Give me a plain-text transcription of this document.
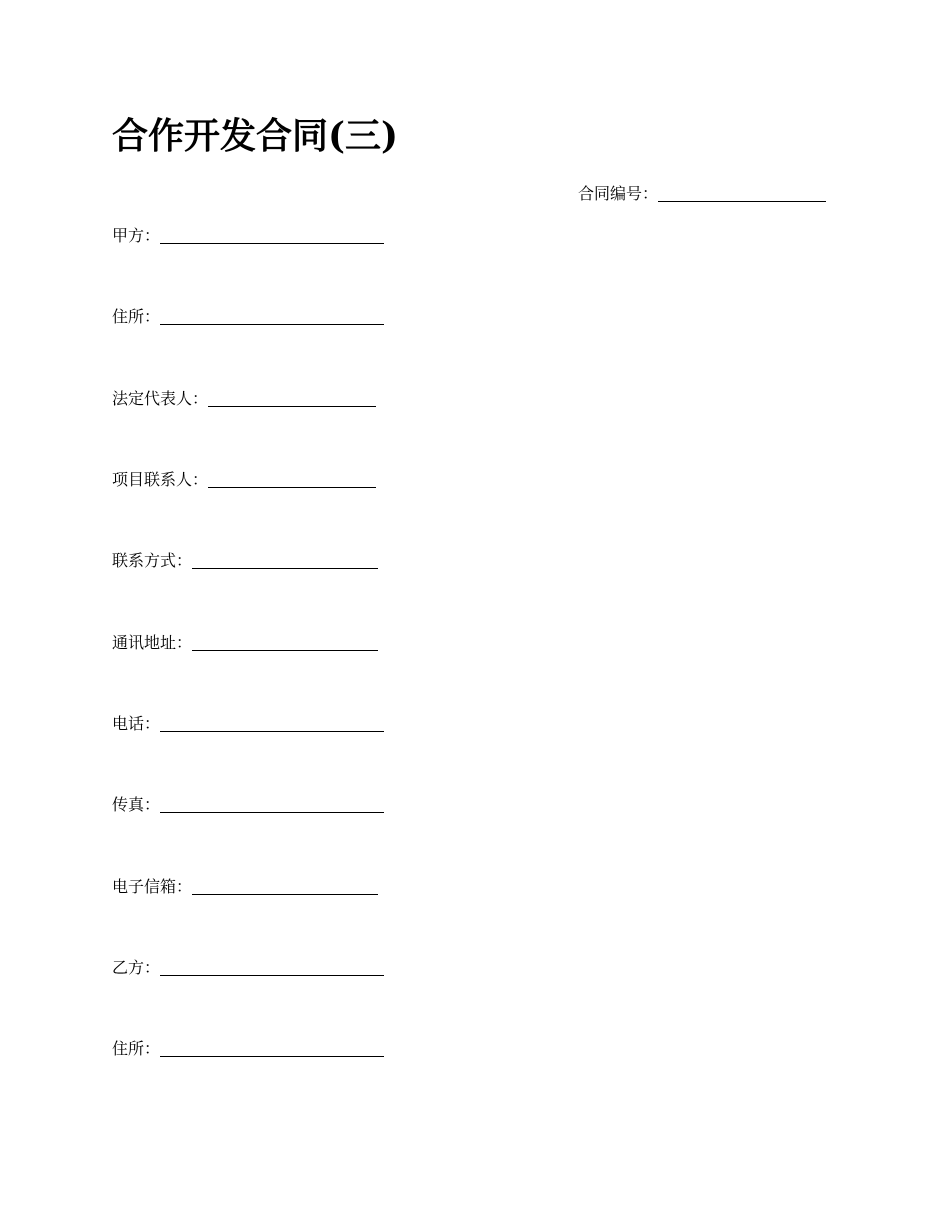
合作开发合同(三)
合同编号：
甲方：
住所：
法定代表人：
项目联系人：
联系方式：
通讯地址：
电话：
传真：
电子信箱：
乙方：
住所：
